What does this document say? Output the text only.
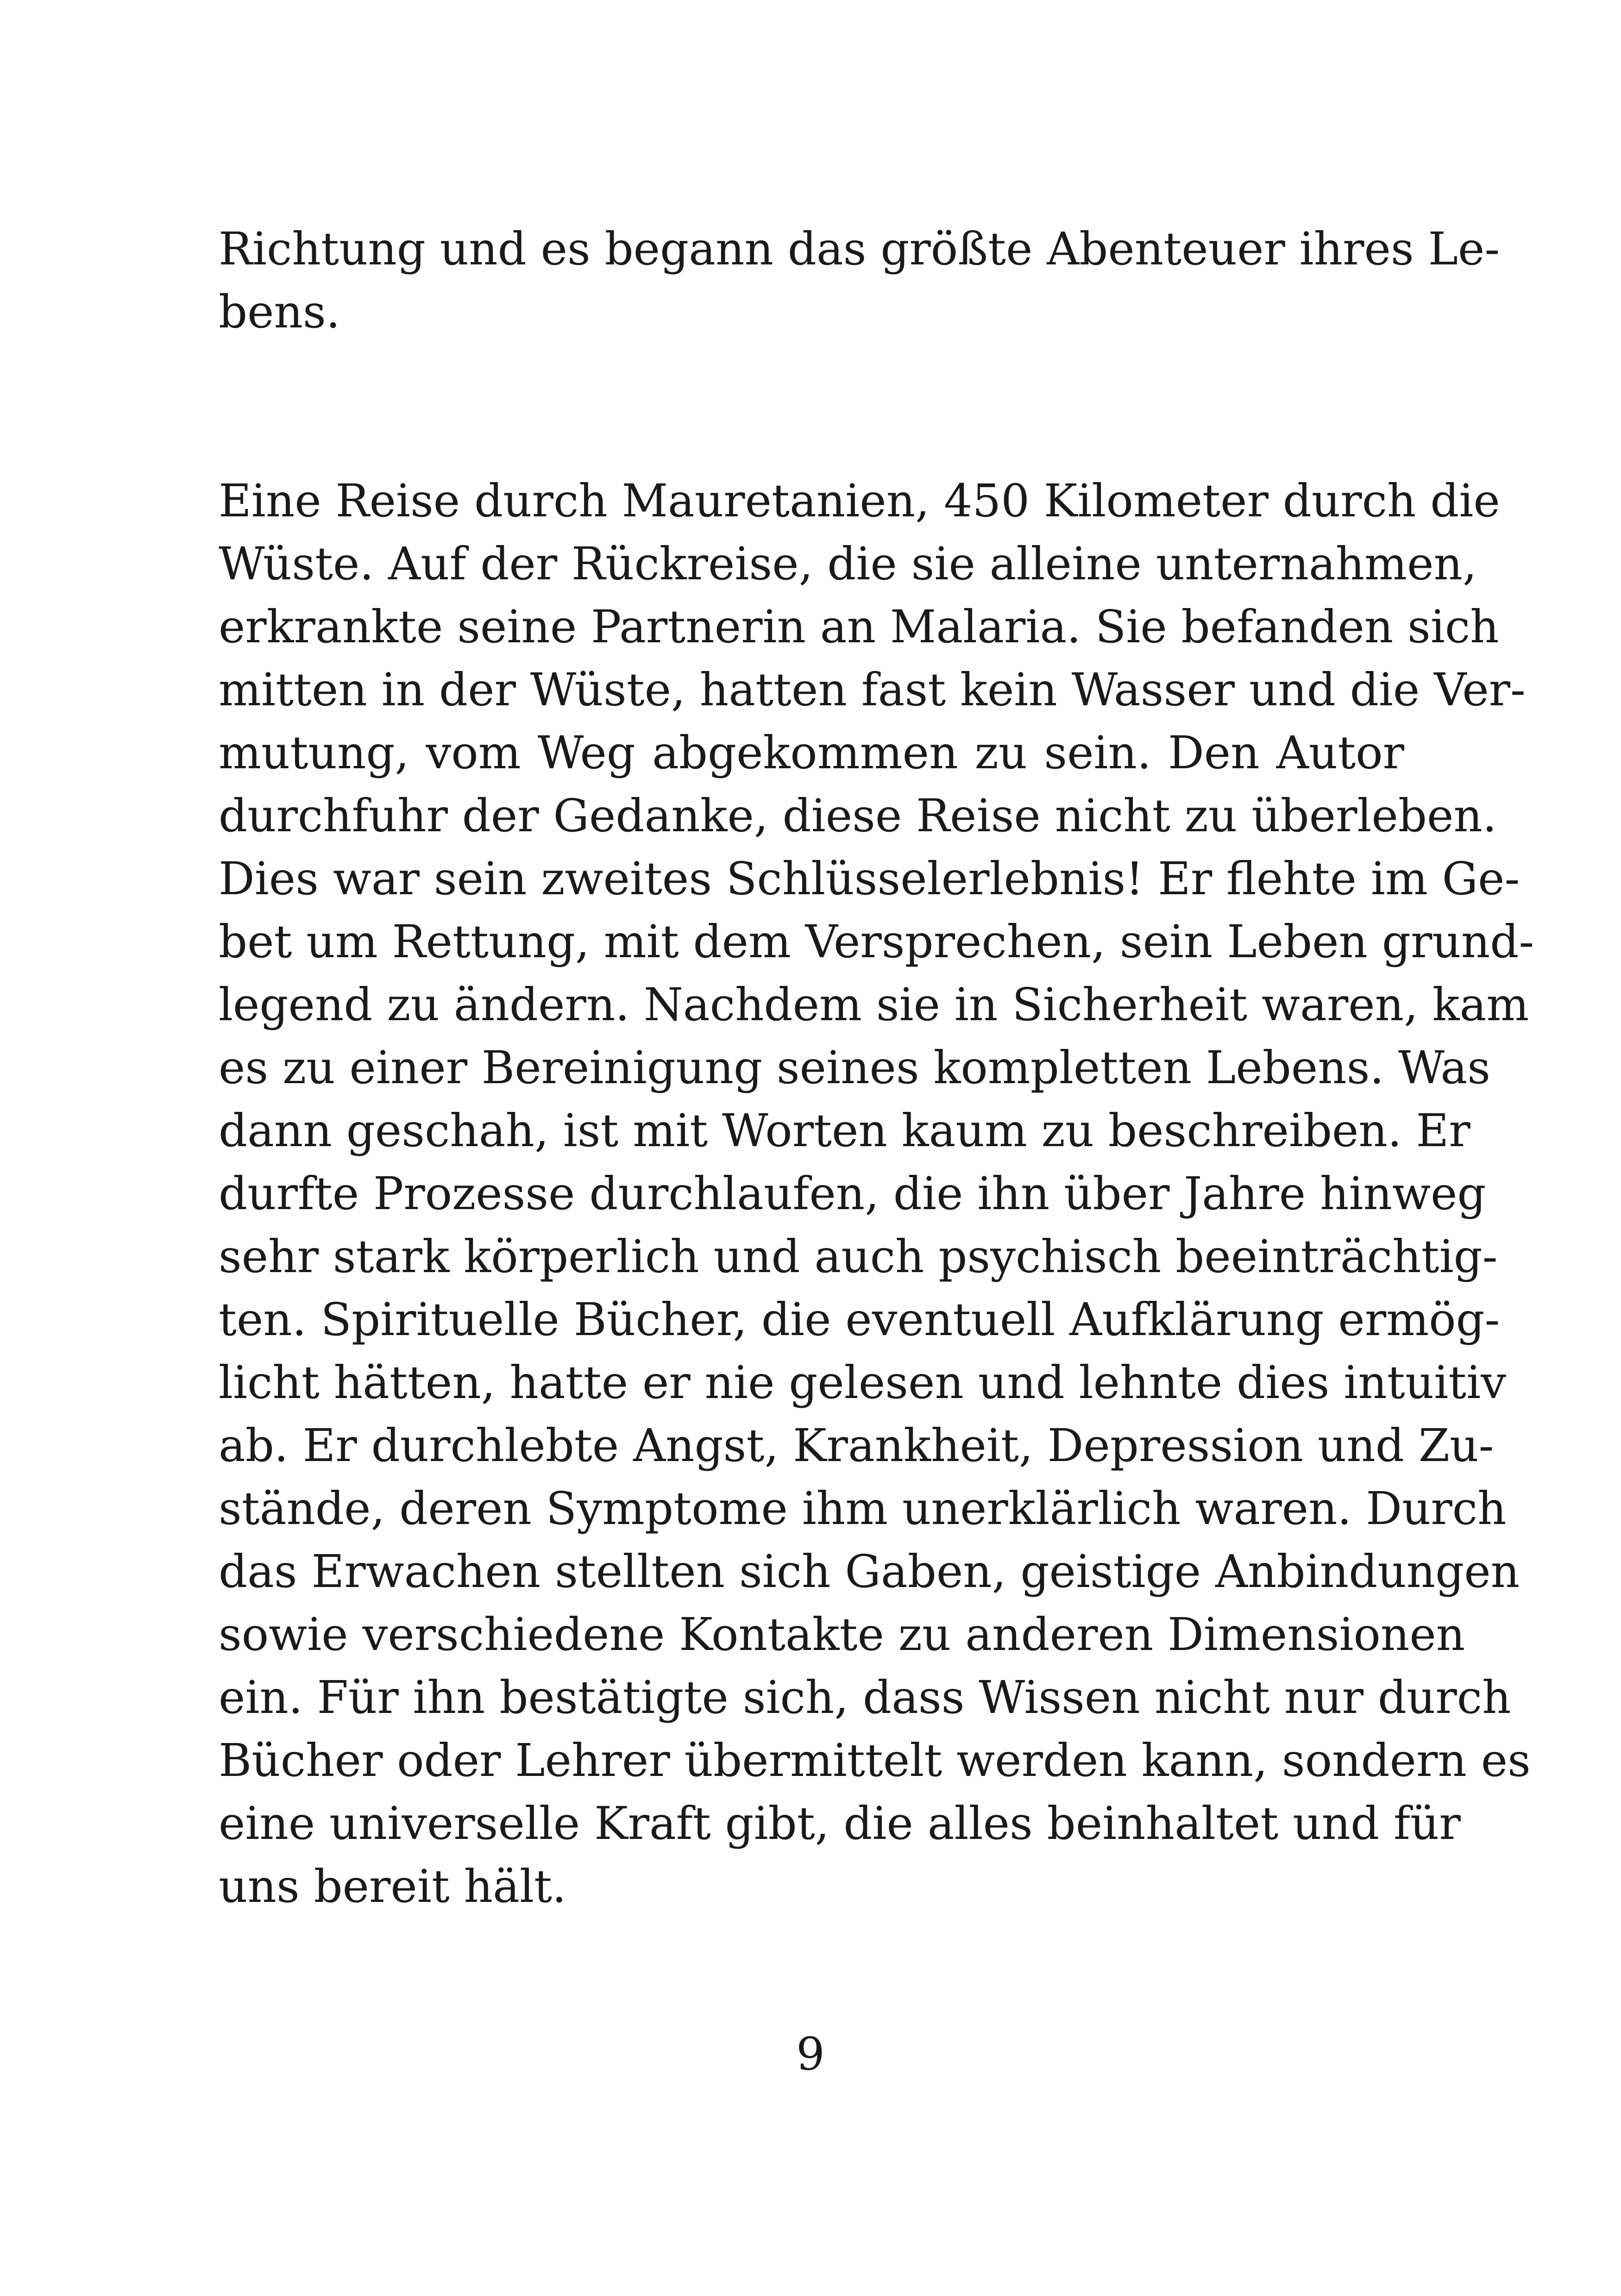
Richtung und es begann das größte Abenteuer ihres Le-
bens.
Eine Reise durch Mauretanien, 450 Kilometer durch die
Wüste. Auf der Rückreise, die sie alleine unternahmen,
erkrankte seine Partnerin an Malaria. Sie befanden sich
mitten in der Wüste, hatten fast kein Wasser und die Ver-
mutung, vom Weg abgekommen zu sein. Den Autor
durchfuhr der Gedanke, diese Reise nicht zu überleben.
Dies war sein zweites Schlüsselerlebnis! Er flehte im Ge-
bet um Rettung, mit dem Versprechen, sein Leben grund-
legend zu ändern. Nachdem sie in Sicherheit waren, kam
es zu einer Bereinigung seines kompletten Lebens. Was
dann geschah, ist mit Worten kaum zu beschreiben. Er
durfte Prozesse durchlaufen, die ihn über Jahre hinweg
sehr stark körperlich und auch psychisch beeinträchtig-
ten. Spirituelle Bücher, die eventuell Aufklärung ermög-
licht hätten, hatte er nie gelesen und lehnte dies intuitiv
ab. Er durchlebte Angst, Krankheit, Depression und Zu-
stände, deren Symptome ihm unerklärlich waren. Durch
das Erwachen stellten sich Gaben, geistige Anbindungen
sowie verschiedene Kontakte zu anderen Dimensionen
ein. Für ihn bestätigte sich, dass Wissen nicht nur durch
Bücher oder Lehrer übermittelt werden kann, sondern es
eine universelle Kraft gibt, die alles beinhaltet und für
uns bereit hält.
9
